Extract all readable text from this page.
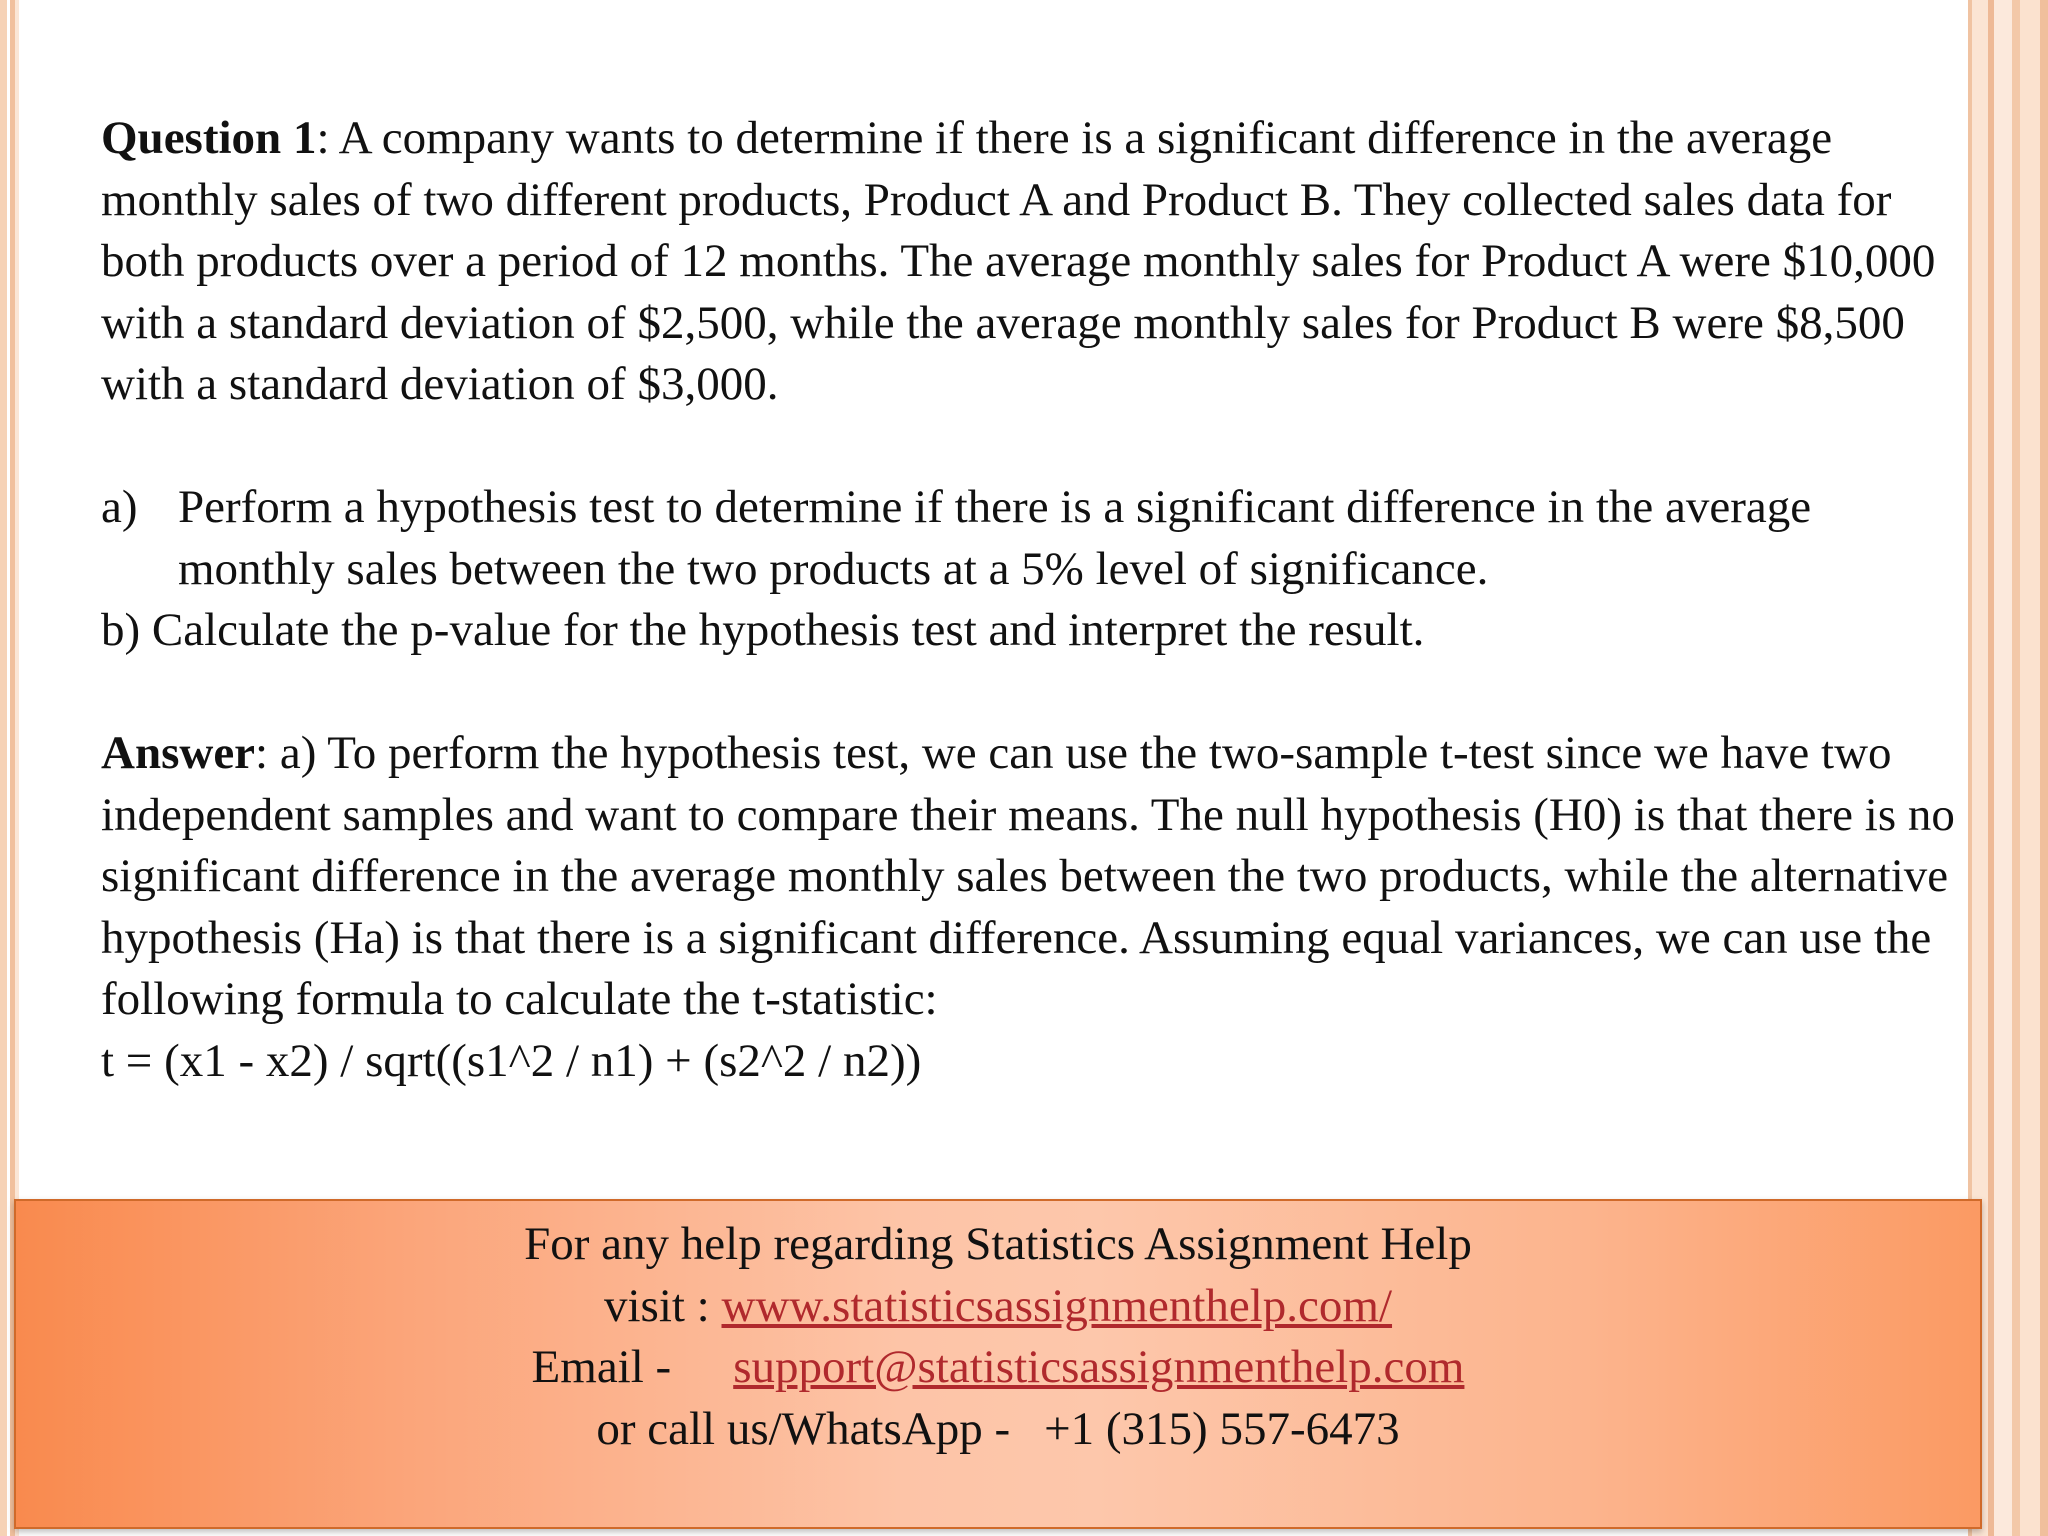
Question 1: A company wants to determine if there is a significant difference in the average monthly sales of two different products, Product A and Product B. They collected sales data for both products over a period of 12 months. The average monthly sales for Product A were $10,000 with a standard deviation of $2,500, while the average monthly sales for Product B were $8,500 with a standard deviation of $3,000.

a) Perform a hypothesis test to determine if there is a significant difference in the average monthly sales between the two products at a 5% level of significance.

b) Calculate the p-value for the hypothesis test and interpret the result.

Answer: a) To perform the hypothesis test, we can use the two-sample t-test since we have two independent samples and want to compare their means. The null hypothesis (H0) is that there is no significant difference in the average monthly sales between the two products, while the alternative hypothesis (Ha) is that there is a significant difference. Assuming equal variances, we can use the following formula to calculate the t-statistic:

t = (x1 - x2) / sqrt((s1^2 / n1) + (s2^2 / n2))

For any help regarding Statistics Assignment Help
visit : www.statisticsassignmenthelp.com/
Email - support@statisticsassignmenthelp.com
or call us/WhatsApp - +1 (315) 557-6473
